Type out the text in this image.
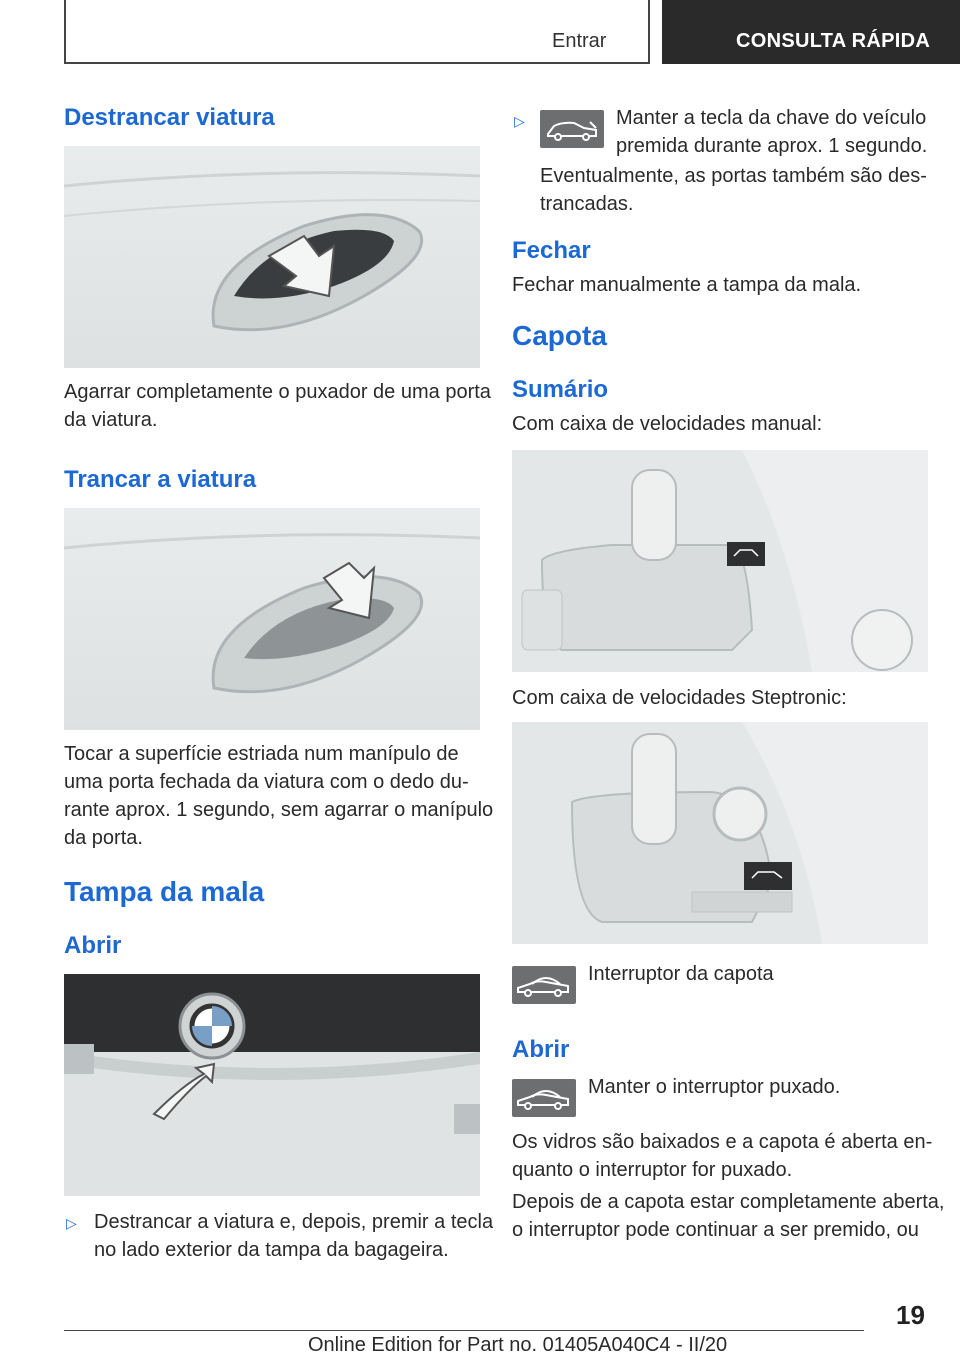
Entrar	CONSULTA RÁPIDA
Destrancar viatura
Agarrar completamente o puxador de uma porta
da viatura.
Trancar a viatura
Tocar a superfície estriada num manípulo de
uma porta fechada da viatura com o dedo du-
rante aprox. 1 segundo, sem agarrar o manípulo
da porta.
Tampa da mala
Abrir
▷ Destrancar a viatura e, depois, premir a tecla
no lado exterior da tampa da bagageira.
▷	Manter a tecla da chave do veículo
premida durante aprox. 1 segundo.
Eventualmente, as portas também são des-
trancadas.
Fechar
Fechar manualmente a tampa da mala.
Capota
Sumário
Com caixa de velocidades manual:
Com caixa de velocidades Steptronic:
Interruptor da capota
Abrir
Manter o interruptor puxado.
Os vidros são baixados e a capota é aberta en-
quanto o interruptor for puxado.
Depois de a capota estar completamente aberta,
o interruptor pode continuar a ser premido, ou
19
Online Edition for Part no. 01405A040C4 - II/20
